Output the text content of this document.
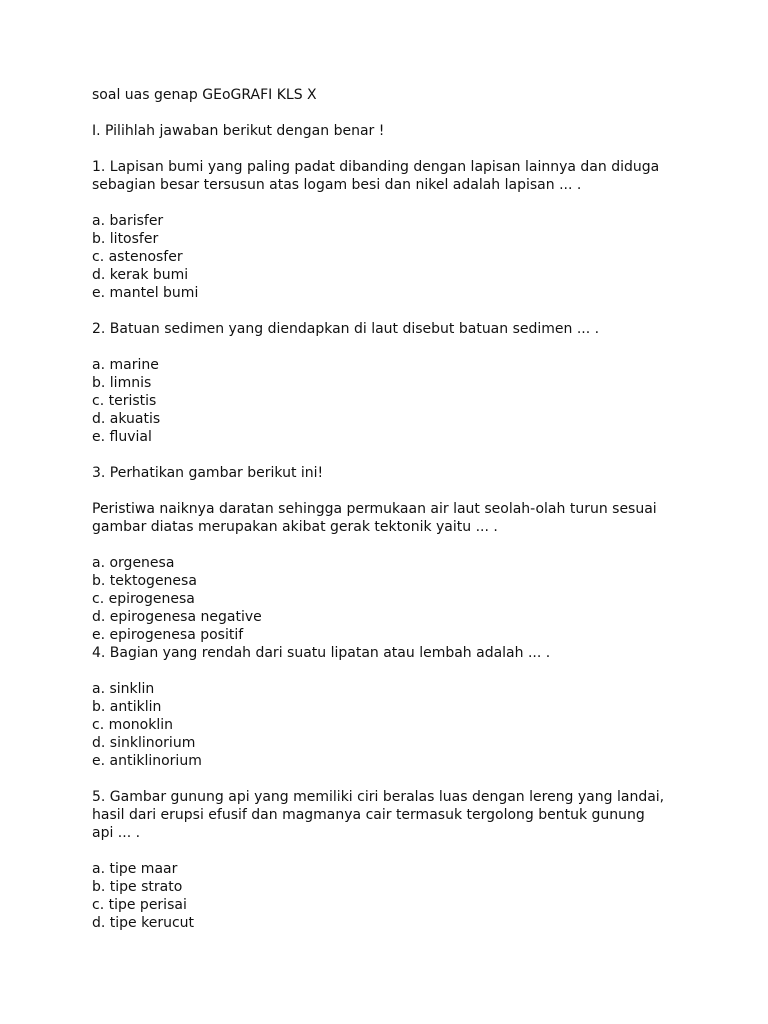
soal uas genap GEoGRAFI KLS X
I. Pilihlah jawaban berikut dengan benar !
1. Lapisan bumi yang paling padat dibanding dengan lapisan lainnya dan diduga
sebagian besar tersusun atas logam besi dan nikel adalah lapisan ... .
a. barisfer
b. litosfer
c. astenosfer
d. kerak bumi
e. mantel bumi
2. Batuan sedimen yang diendapkan di laut disebut batuan sedimen ... .
a. marine
b. limnis
c. teristis
d. akuatis
e. fluvial
3. Perhatikan gambar berikut ini!
Peristiwa naiknya daratan sehingga permukaan air laut seolah-olah turun sesuai
gambar diatas merupakan akibat gerak tektonik yaitu ... .
a. orgenesa
b. tektogenesa
c. epirogenesa
d. epirogenesa negative
e. epirogenesa positif
4. Bagian yang rendah dari suatu lipatan atau lembah adalah ... .
a. sinklin
b. antiklin
c. monoklin
d. sinklinorium
e. antiklinorium
5. Gambar gunung api yang memiliki ciri beralas luas dengan lereng yang landai,
hasil dari erupsi efusif dan magmanya cair termasuk tergolong bentuk gunung
api ... .
a. tipe maar
b. tipe strato
c. tipe perisai
d. tipe kerucut
